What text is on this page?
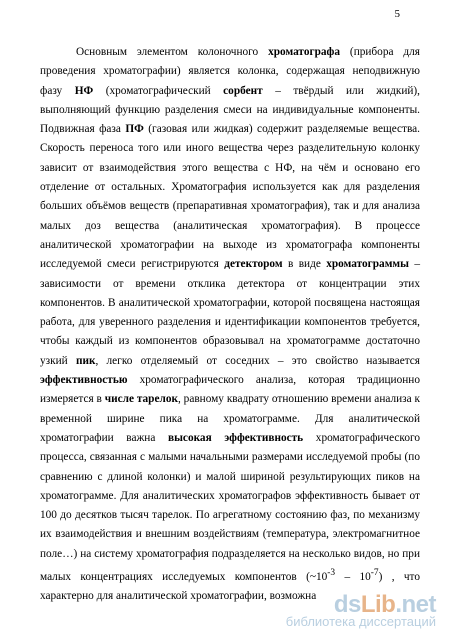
5

Основным элементом колоночного хроматографа (прибора для проведения хроматографии) является колонка, содержащая неподвижную фазу НФ (хроматографический сорбент – твёрдый или жидкий), выполняющий функцию разделения смеси на индивидуальные компоненты. Подвижная фаза ПФ (газовая или жидкая) содержит разделяемые вещества. Скорость переноса того или иного вещества через разделительную колонку зависит от взаимодействия этого вещества с НФ, на чём и основано его отделение от остальных. Хроматография используется как для разделения больших объёмов веществ (препаративная хроматография), так и для анализа малых доз вещества (аналитическая хроматография). В процессе аналитической хроматографии на выходе из хроматографа компоненты исследуемой смеси регистрируются детектором в виде хроматограммы – зависимости от времени отклика детектора от концентрации этих компонентов. В аналитической хроматографии, которой посвящена настоящая работа, для уверенного разделения и идентификации компонентов требуется, чтобы каждый из компонентов образовывал на хроматограмме достаточно узкий пик, легко отделяемый от соседних – это свойство называется эффективностью хроматографического анализа, которая традиционно измеряется в числе тарелок, равному квадрату отношению времени анализа к временной ширине пика на хроматограмме. Для аналитической хроматографии важна высокая эффективность хроматографического процесса, связанная с малыми начальными размерами исследуемой пробы (по сравнению с длиной колонки) и малой шириной результирующих пиков на хроматограмме. Для аналитических хроматографов эффективность бывает от 100 до десятков тысяч тарелок. По агрегатному состоянию фаз, по механизму их взаимодействия и внешним воздействиям (температура, электромагнитное поле…) на систему хроматография подразделяется на несколько видов, но при малых концентрациях исследуемых компонентов $(\sim 10^{-3} - 10^{-7})$ , что характерно для аналитической хроматографии, возможна dsLib.net
библиотека диссертаций
